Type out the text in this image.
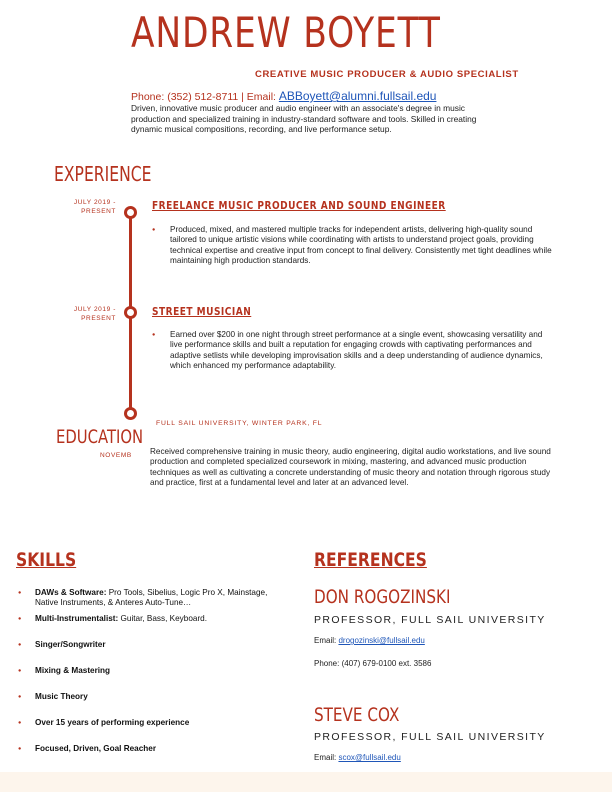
ANDREW BOYETT
CREATIVE MUSIC PRODUCER & AUDIO SPECIALIST
Phone: (352) 512-8711 | Email: ABBoyett@alumni.fullsail.edu
Driven, innovative music producer and audio engineer with an associate's degree in music production and specialized training in industry-standard software and tools. Skilled in creating dynamic musical compositions, recording, and live performance setup.
EXPERIENCE
JULY 2019 -
PRESENT	FREELANCE MUSIC PRODUCER AND SOUND ENGINEER
● Produced, mixed, and mastered multiple tracks for independent artists, delivering high-quality sound tailored to unique artistic visions while coordinating with artists to understand project goals, providing technical expertise and creative input from concept to final delivery. Consistently met tight deadlines while maintaining high production standards.
JULY 2019 -
PRESENT
STREET MUSICIAN
● Earned over $200 in one night through street performance at a single event, showcasing versatility and live performance skills and built a reputation for engaging crowds with captivating performances and adaptive setlists while developing improvisation skills and a deep understanding of audience dynamics, which enhanced my performance adaptability.
FULL SAIL UNIVERSITY, WINTER PARK, FL
EDUCATION
NOVEMB Received comprehensive training in music theory, audio engineering, digital audio workstations, and live sound production and completed specialized coursework in mixing, mastering, and advanced music production techniques as well as cultivating a concrete understanding of music theory and notation through rigorous study and practice, first at a fundamental level and later at an advanced level.
SKILLS
● DAWs & Software: Pro Tools, Sibelius, Logic Pro X, Mainstage, Native Instruments, & Anteres Auto-Tune…
● Multi-Instrumentalist: Guitar, Bass, Keyboard.
● Singer/Songwriter
● Mixing & Mastering
● Music Theory
● Over 15 years of performing experience
● Focused, Driven, Goal Reacher
REFERENCES
DON ROGOZINSKI
PROFESSOR, FULL SAIL UNIVERSITY
Email: drogozinski@fullsail.edu
Phone: (407) 679-0100 ext. 3586
STEVE COX
PROFESSOR, FULL SAIL UNIVERSITY
Email: scox@fullsail.edu
